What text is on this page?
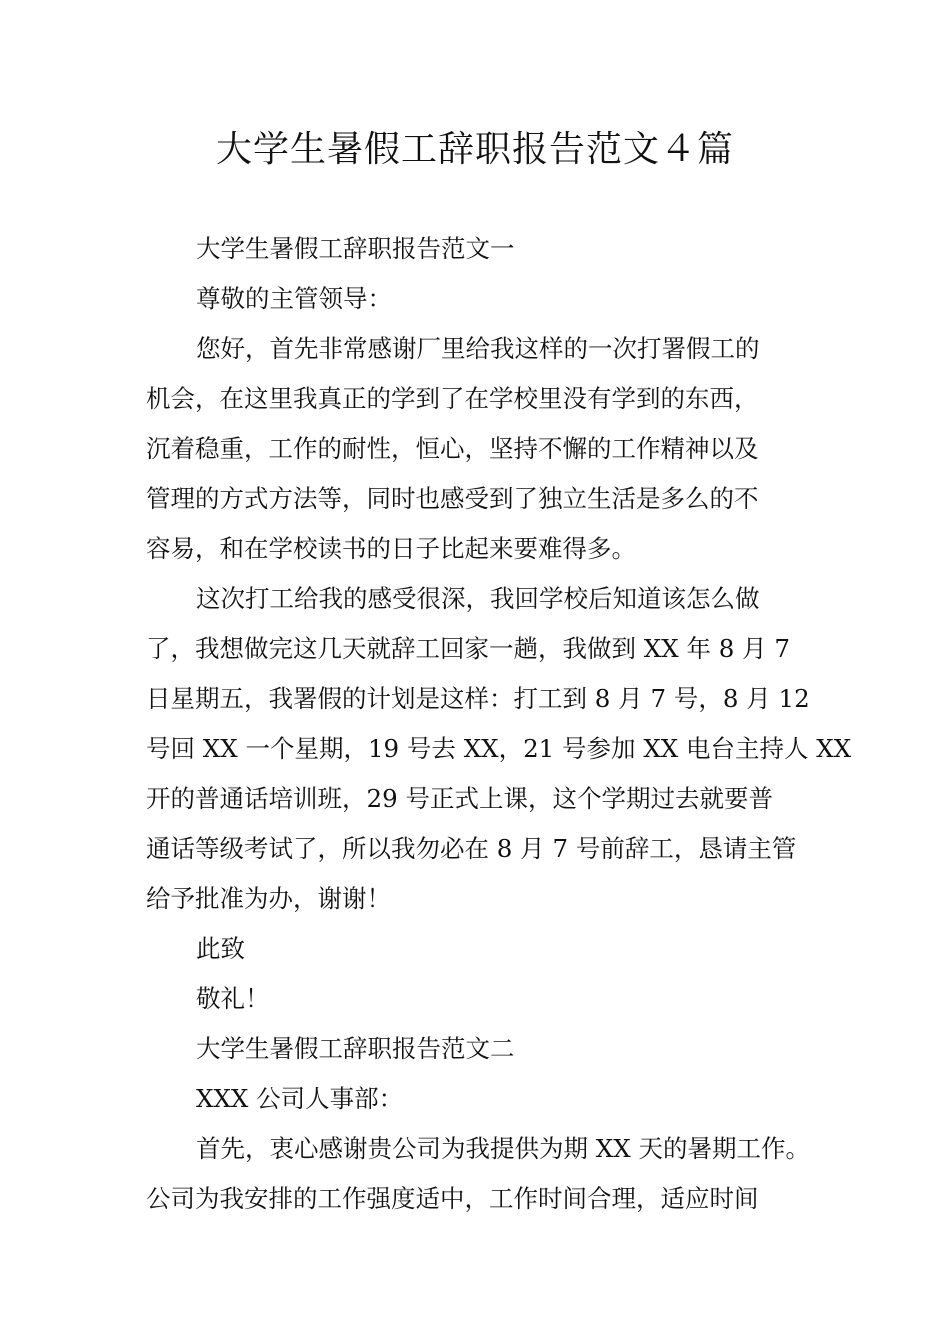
大学生暑假工辞职报告范文４篇
大学生暑假工辞职报告范文一
尊敬的主管领导：
您好，首先非常感谢厂里给我这样的一次打署假工的
机会，在这里我真正的学到了在学校里没有学到的东西，
沉着稳重，工作的耐性，恒心，坚持不懈的工作精神以及
管理的方式方法等，同时也感受到了独立生活是多么的不
容易，和在学校读书的日子比起来要难得多。
这次打工给我的感受很深，我回学校后知道该怎么做
了，我想做完这几天就辞工回家一趟，我做到 XX 年 8 月 7
日星期五，我署假的计划是这样：打工到 8 月 7 号，8 月 12
号回 XX 一个星期，19 号去 XX，21 号参加 XX 电台主持人 XX
开的普通话培训班，29 号正式上课，这个学期过去就要普
通话等级考试了，所以我勿必在 8 月 7 号前辞工，恳请主管
给予批准为办，谢谢！
此致
敬礼！
大学生暑假工辞职报告范文二
XXX 公司人事部：
首先，衷心感谢贵公司为我提供为期 XX 天的暑期工作。
公司为我安排的工作强度适中，工作时间合理，适应时间
